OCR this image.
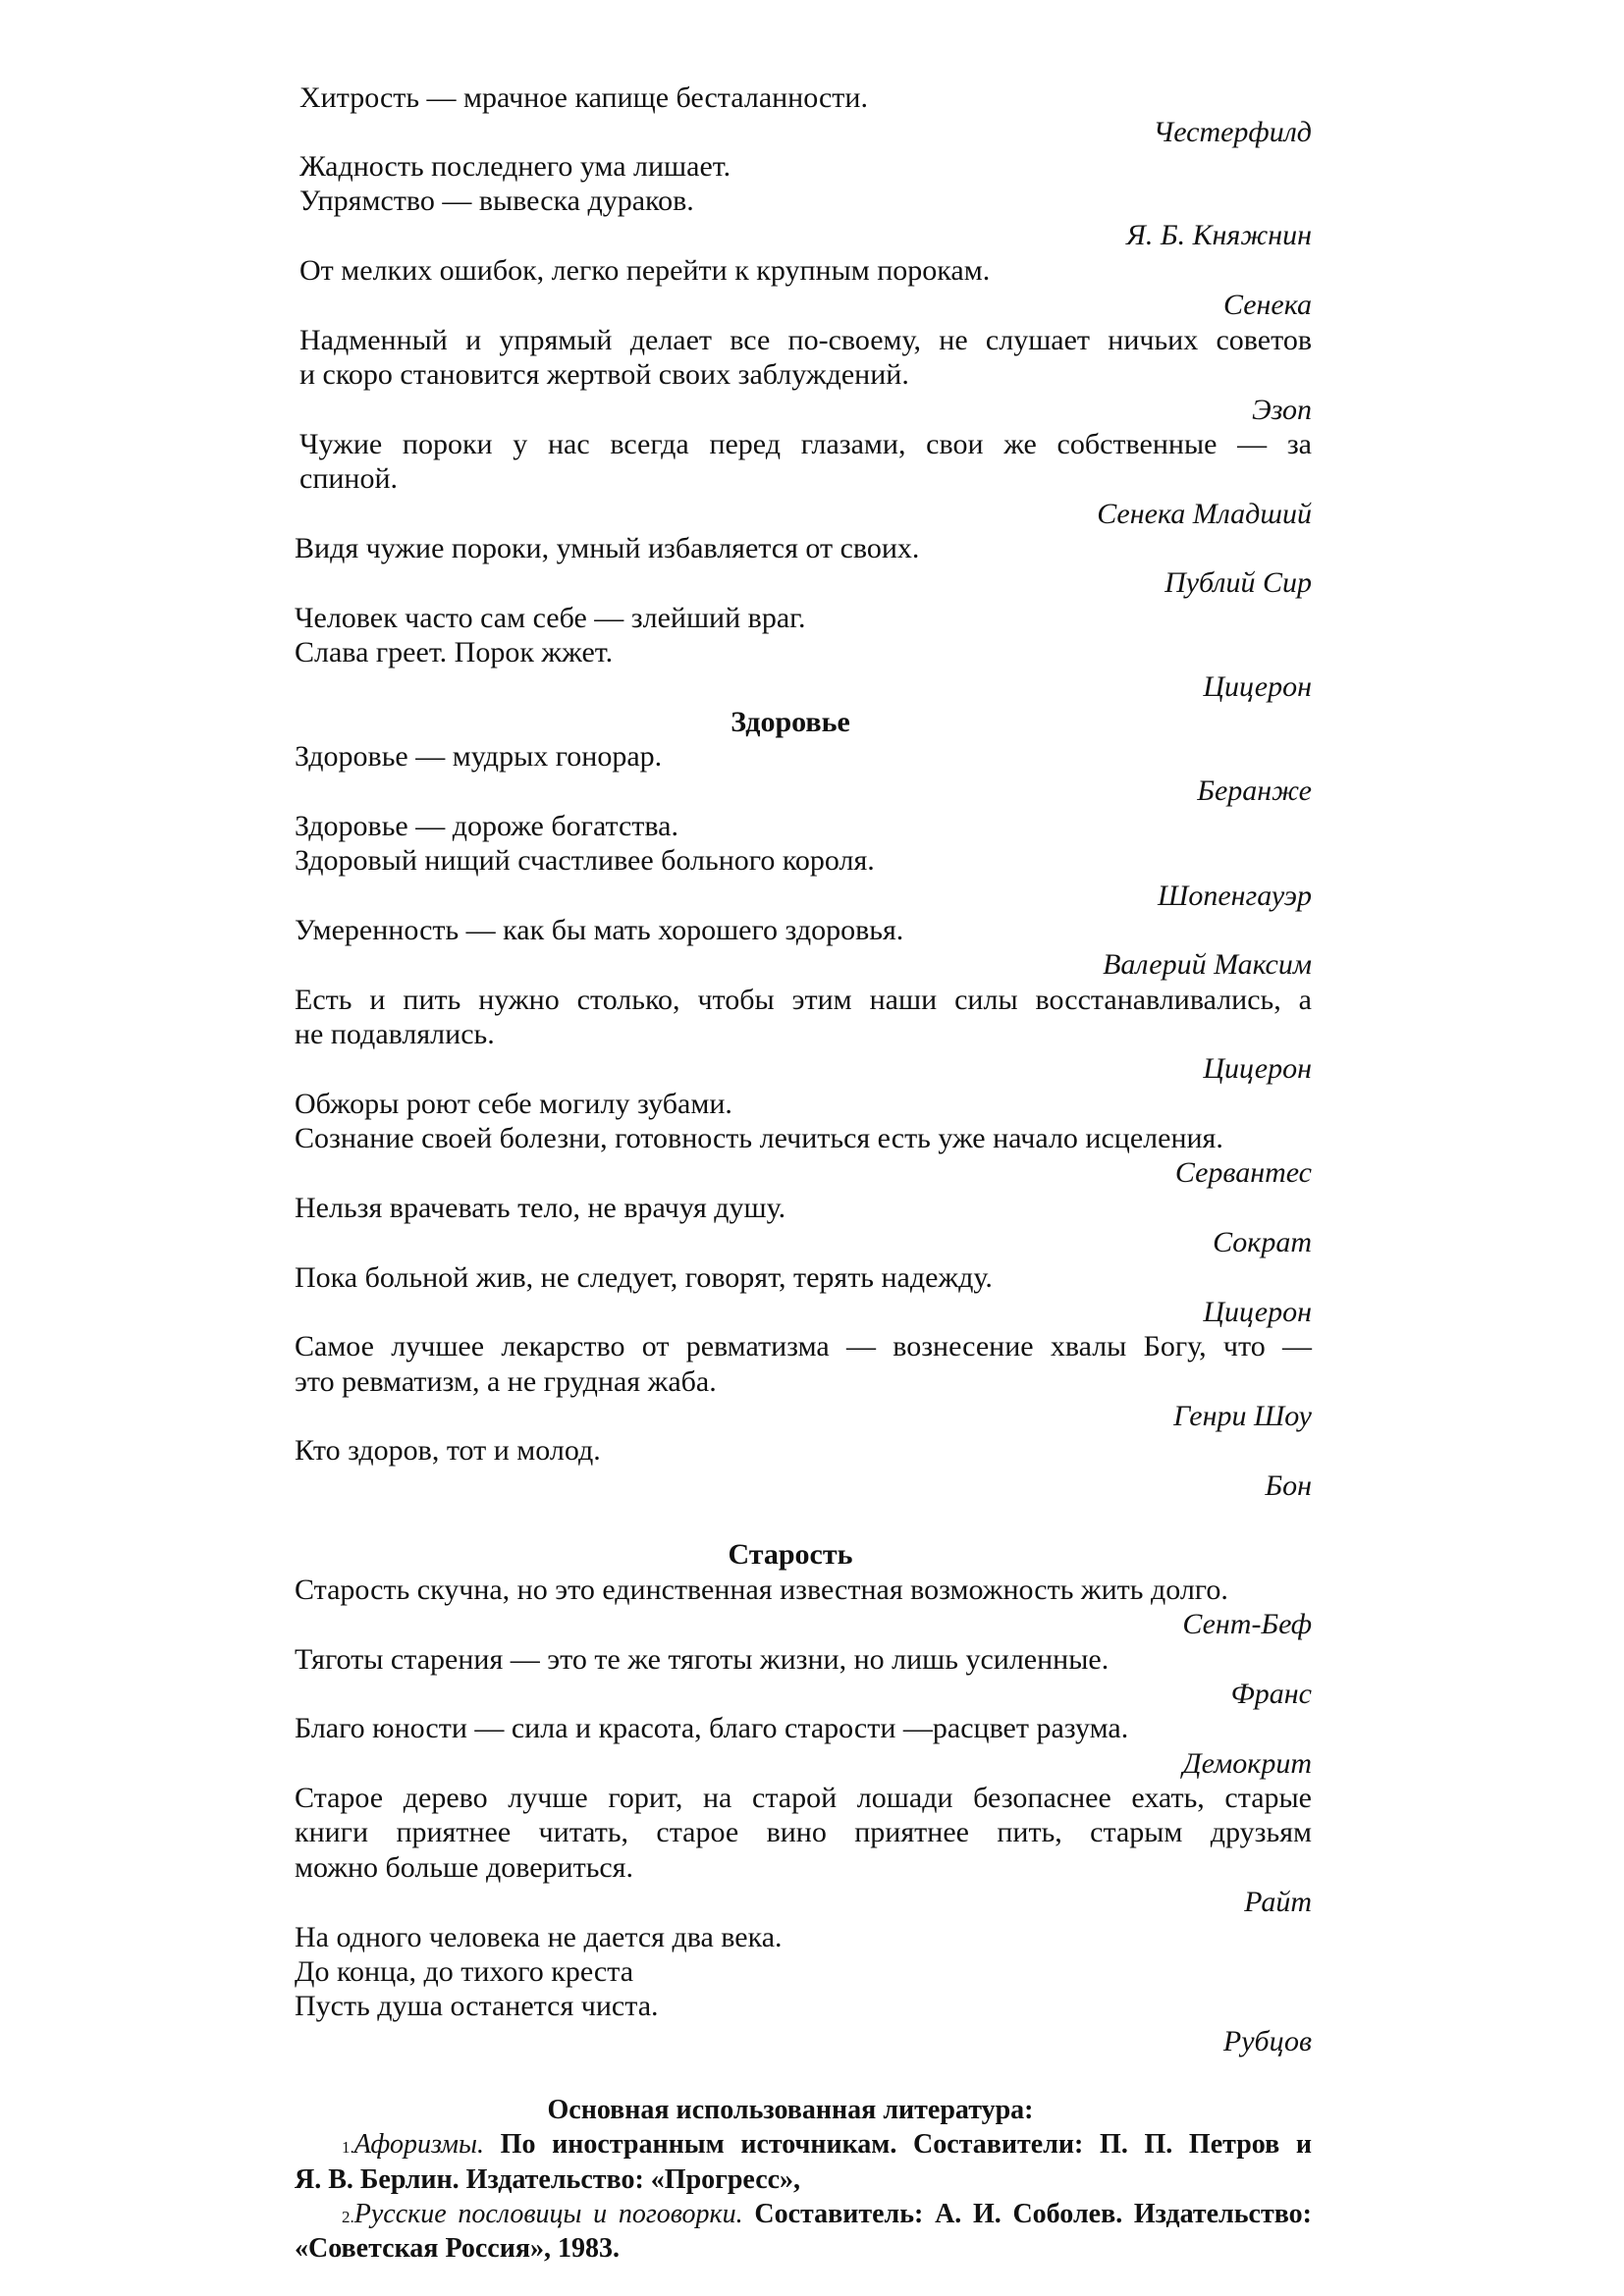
Хитрость — мрачное капище бесталанности.
Честерфилд
Жадность последнего ума лишает.
Упрямство — вывеска дураков.
Я. Б. Княжнин
От мелких ошибок, легко перейти к крупным порокам.
Сенека
Надменный и упрямый делает все по-своему, не слушает ничьих советов
и скоро становится жертвой своих заблуждений.
Эзоп
Чужие пороки у нас всегда перед глазами, свои же собственные — за
спиной.
Сенека Младший
Видя чужие пороки, умный избавляется от своих.
Публий Сир
Человек часто сам себе — злейший враг.
Слава греет. Порок жжет.
Цицерон
Здоровье
Здоровье — мудрых гонорар.
Беранже
Здоровье — дороже богатства.
Здоровый нищий счастливее больного короля.
Шопенгауэр
Умеренность — как бы мать хорошего здоровья.
Валерий Максим
Есть и пить нужно столько, чтобы этим наши силы восстанавливались, а
не подавлялись.
Цицерон
Обжоры роют себе могилу зубами.
Сознание своей болезни, готовность лечиться есть уже начало исцеления.
Сервантес
Нельзя врачевать тело, не врачуя душу.
Сократ
Пока больной жив, не следует, говорят, терять надежду.
Цицерон
Самое лучшее лекарство от ревматизма — вознесение хвалы Богу, что —
это ревматизм, а не грудная жаба.
Генри Шоу
Кто здоров, тот и молод.
Бон
Старость
Старость скучна, но это единственная известная возможность жить долго.
Сент-Беф
Тяготы старения — это те же тяготы жизни, но лишь усиленные.
Франс
Благо юности — сила и красота, благо старости —расцвет разума.
Демокрит
Старое дерево лучше горит, на старой лошади безопаснее ехать, старые
книги приятнее читать, старое вино приятнее пить, старым друзьям
можно больше довериться.
Райт
На одного человека не дается два века.
До конца, до тихого креста
Пусть душа останется чиста.
Рубцов
Основная использованная литература:
1.Афоризмы. По иностранным источникам. Составители: П. П. Петров и
Я. В. Берлин. Издательство: «Прогресс»,
2.Русские пословицы и поговорки. Составитель: А. И. Соболев. Издательство:
«Советская Россия», 1983.
